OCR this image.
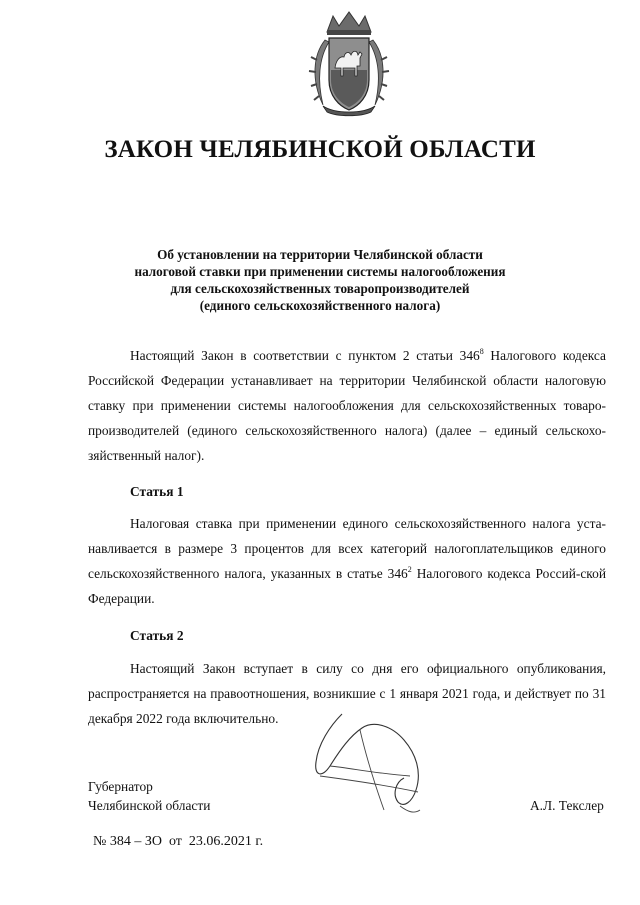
ЗАКОН ЧЕЛЯБИНСКОЙ ОБЛАСТИ
Об установлении на территории Челябинской области
налоговой ставки при применении системы налогообложения
для сельскохозяйственных товаропроизводителей
(единого сельскохозяйственного налога)

Настоящий Закон в соответствии с пунктом 2 статьи $346^8$ Налогового кодекса Российской Федерации устанавливает на территории Челябинской области налоговую ставку при применении системы налогообложения для сельскохозяйственных товаро-производителей (единого сельскохозяйственного налога) (далее – единый сельскохо-зяйственный налог).

Статья 1

Налоговая ставка при применении единого сельскохозяйственного налога уста-навливается в размере 3 процентов для всех категорий налогоплательщиков единого сельскохозяйственного налога, указанных в статье $346^2$ Налогового кодекса Россий-ской Федерации.

Статья 2

Настоящий Закон вступает в силу со дня его официального опубликования, распространяется на правоотношения, возникшие с 1 января 2021 года, и действует по 31 декабря 2022 года включительно.

Губернатор
Челябинской области	А.Л. Текслер
№ 384 – ЗО  от  23.06.2021 г.
